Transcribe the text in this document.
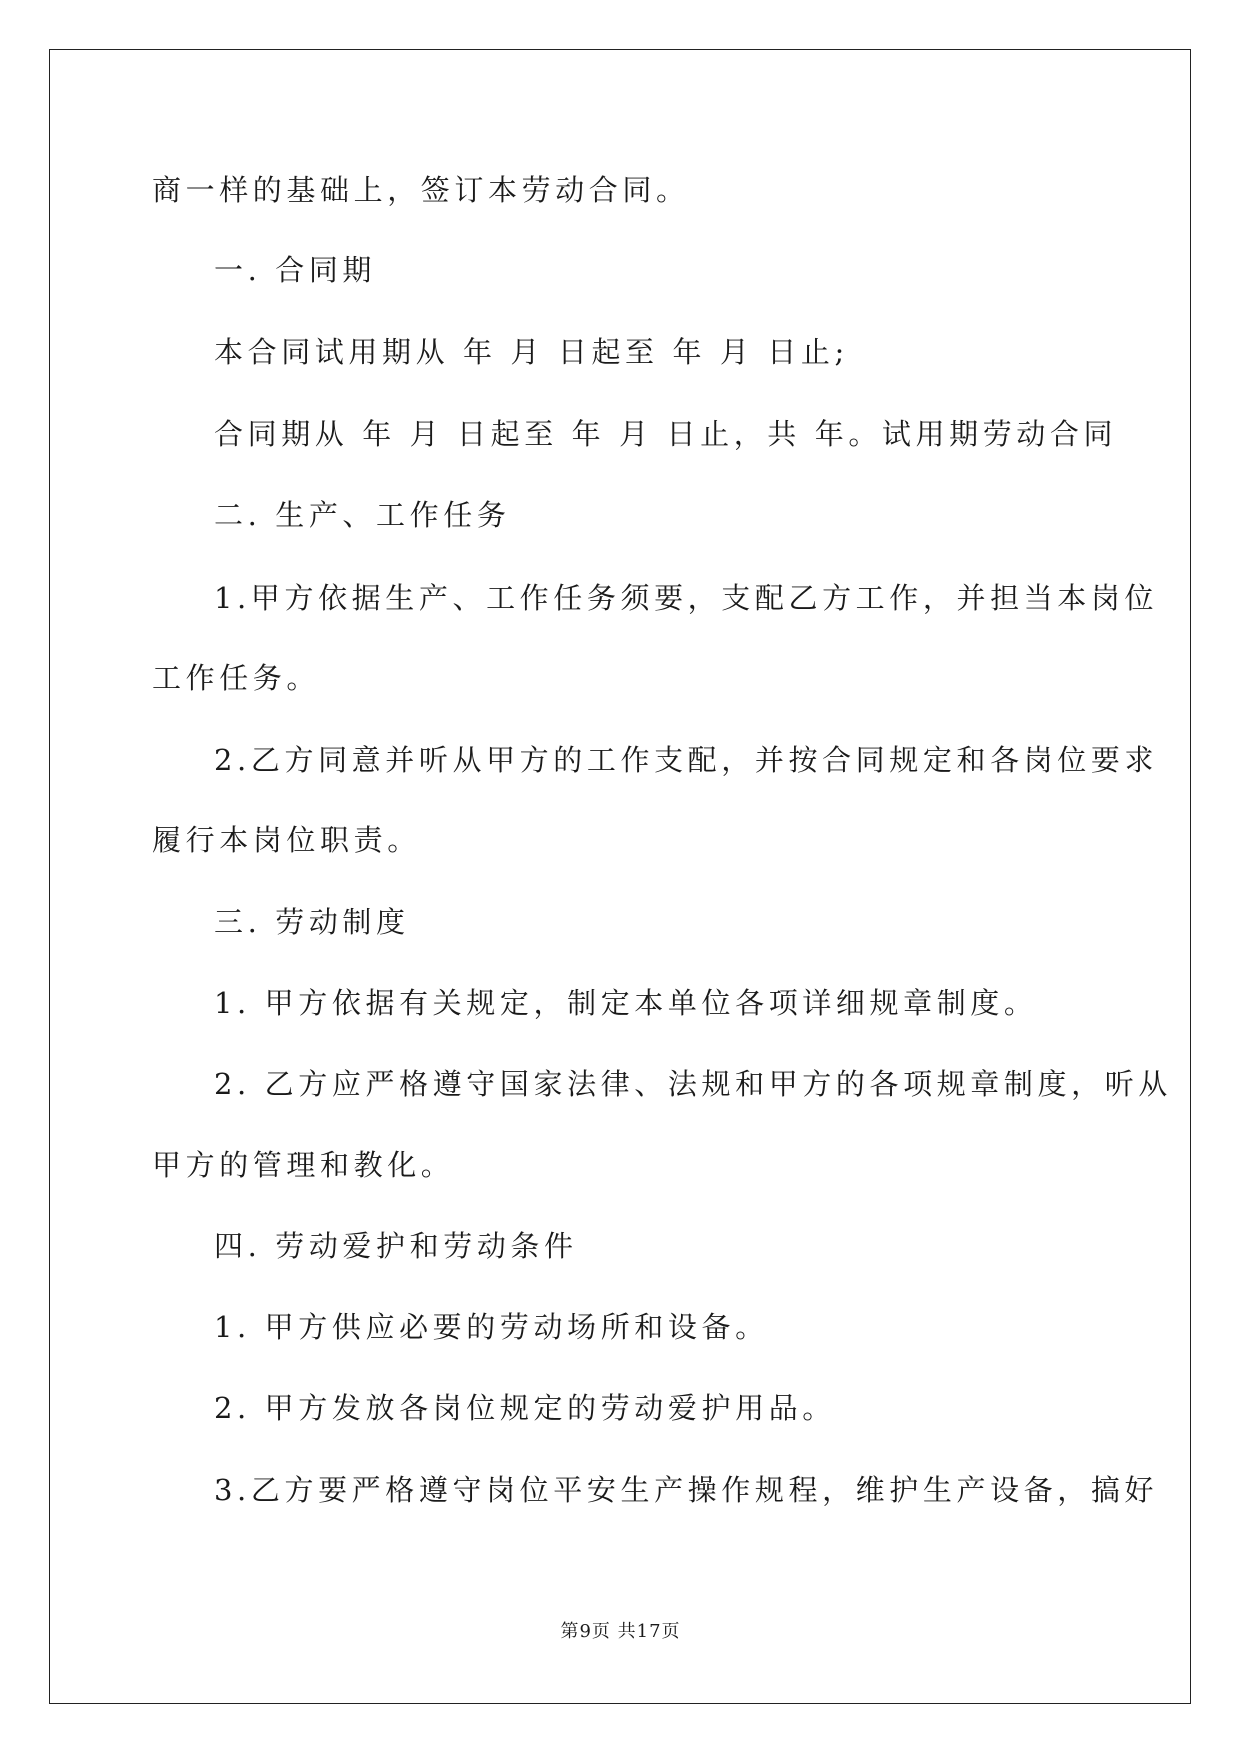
商一样的基础上，签订本劳动合同。
一. 合同期
本合同试用期从 年 月 日起至 年 月 日止;
合同期从 年 月 日起至 年 月 日止，共 年。试用期劳动合同
二. 生产、工作任务
1.甲方依据生产、工作任务须要，支配乙方工作，并担当本岗位
工作任务。
2.乙方同意并听从甲方的工作支配，并按合同规定和各岗位要求
履行本岗位职责。
三. 劳动制度
1. 甲方依据有关规定，制定本单位各项详细规章制度。
2. 乙方应严格遵守国家法律、法规和甲方的各项规章制度，听从
甲方的管理和教化。
四. 劳动爱护和劳动条件
1. 甲方供应必要的劳动场所和设备。
2. 甲方发放各岗位规定的劳动爱护用品。
3.乙方要严格遵守岗位平安生产操作规程，维护生产设备，搞好
第9页 共17页
